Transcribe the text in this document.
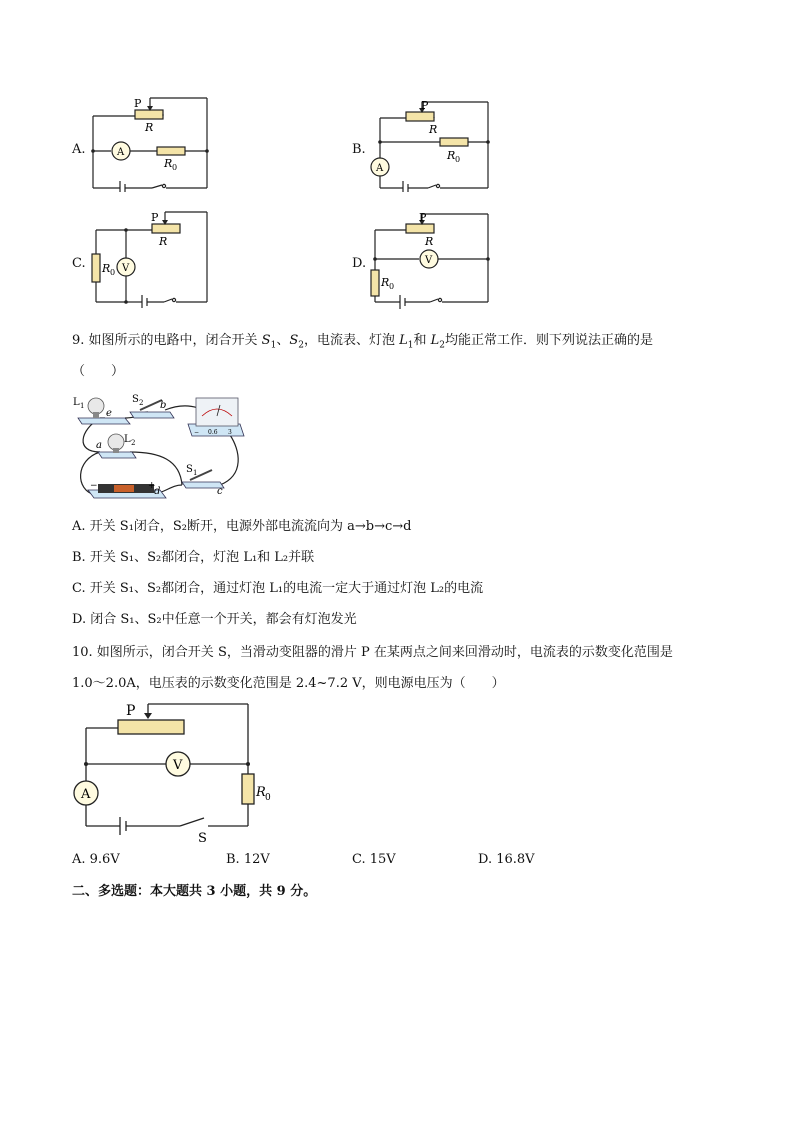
A.
P
R
A
R 0
B.
P
R
A
R 0
C.
P
R
V
R 0
D.
P
R
V
R 0
9. 如图所示的电路中，闭合开关 $S_1$、$S_2$，电流表、灯泡 $L_1$和 $L_2$均能正常工作．则下列说法正确的是
（　　）
L 1
e
S 2 b
a
L 2
S 1
c
d
−	+
− 0.6 3
A. 开关 S₁闭合，S₂断开，电源外部电流流向为 a→b→c→d
B. 开关 S₁、S₂都闭合，灯泡 L₁和 L₂并联
C. 开关 S₁、S₂都闭合，通过灯泡 L₁的电流一定大于通过灯泡 L₂的电流
D. 闭合 S₁、S₂中任意一个开关，都会有灯泡发光
10. 如图所示，闭合开关 S，当滑动变阻器的滑片 P 在某两点之间来回滑动时，电流表的示数变化范围是
1.0～2.0A，电压表的示数变化范围是 2.4~7.2 V，则电源电压为（　　）
P
V
A	R 0
S
A. 9.6V	B. 12V	C. 15V	D. 16.8V
二、多选题：本大题共 3 小题，共 9 分。
